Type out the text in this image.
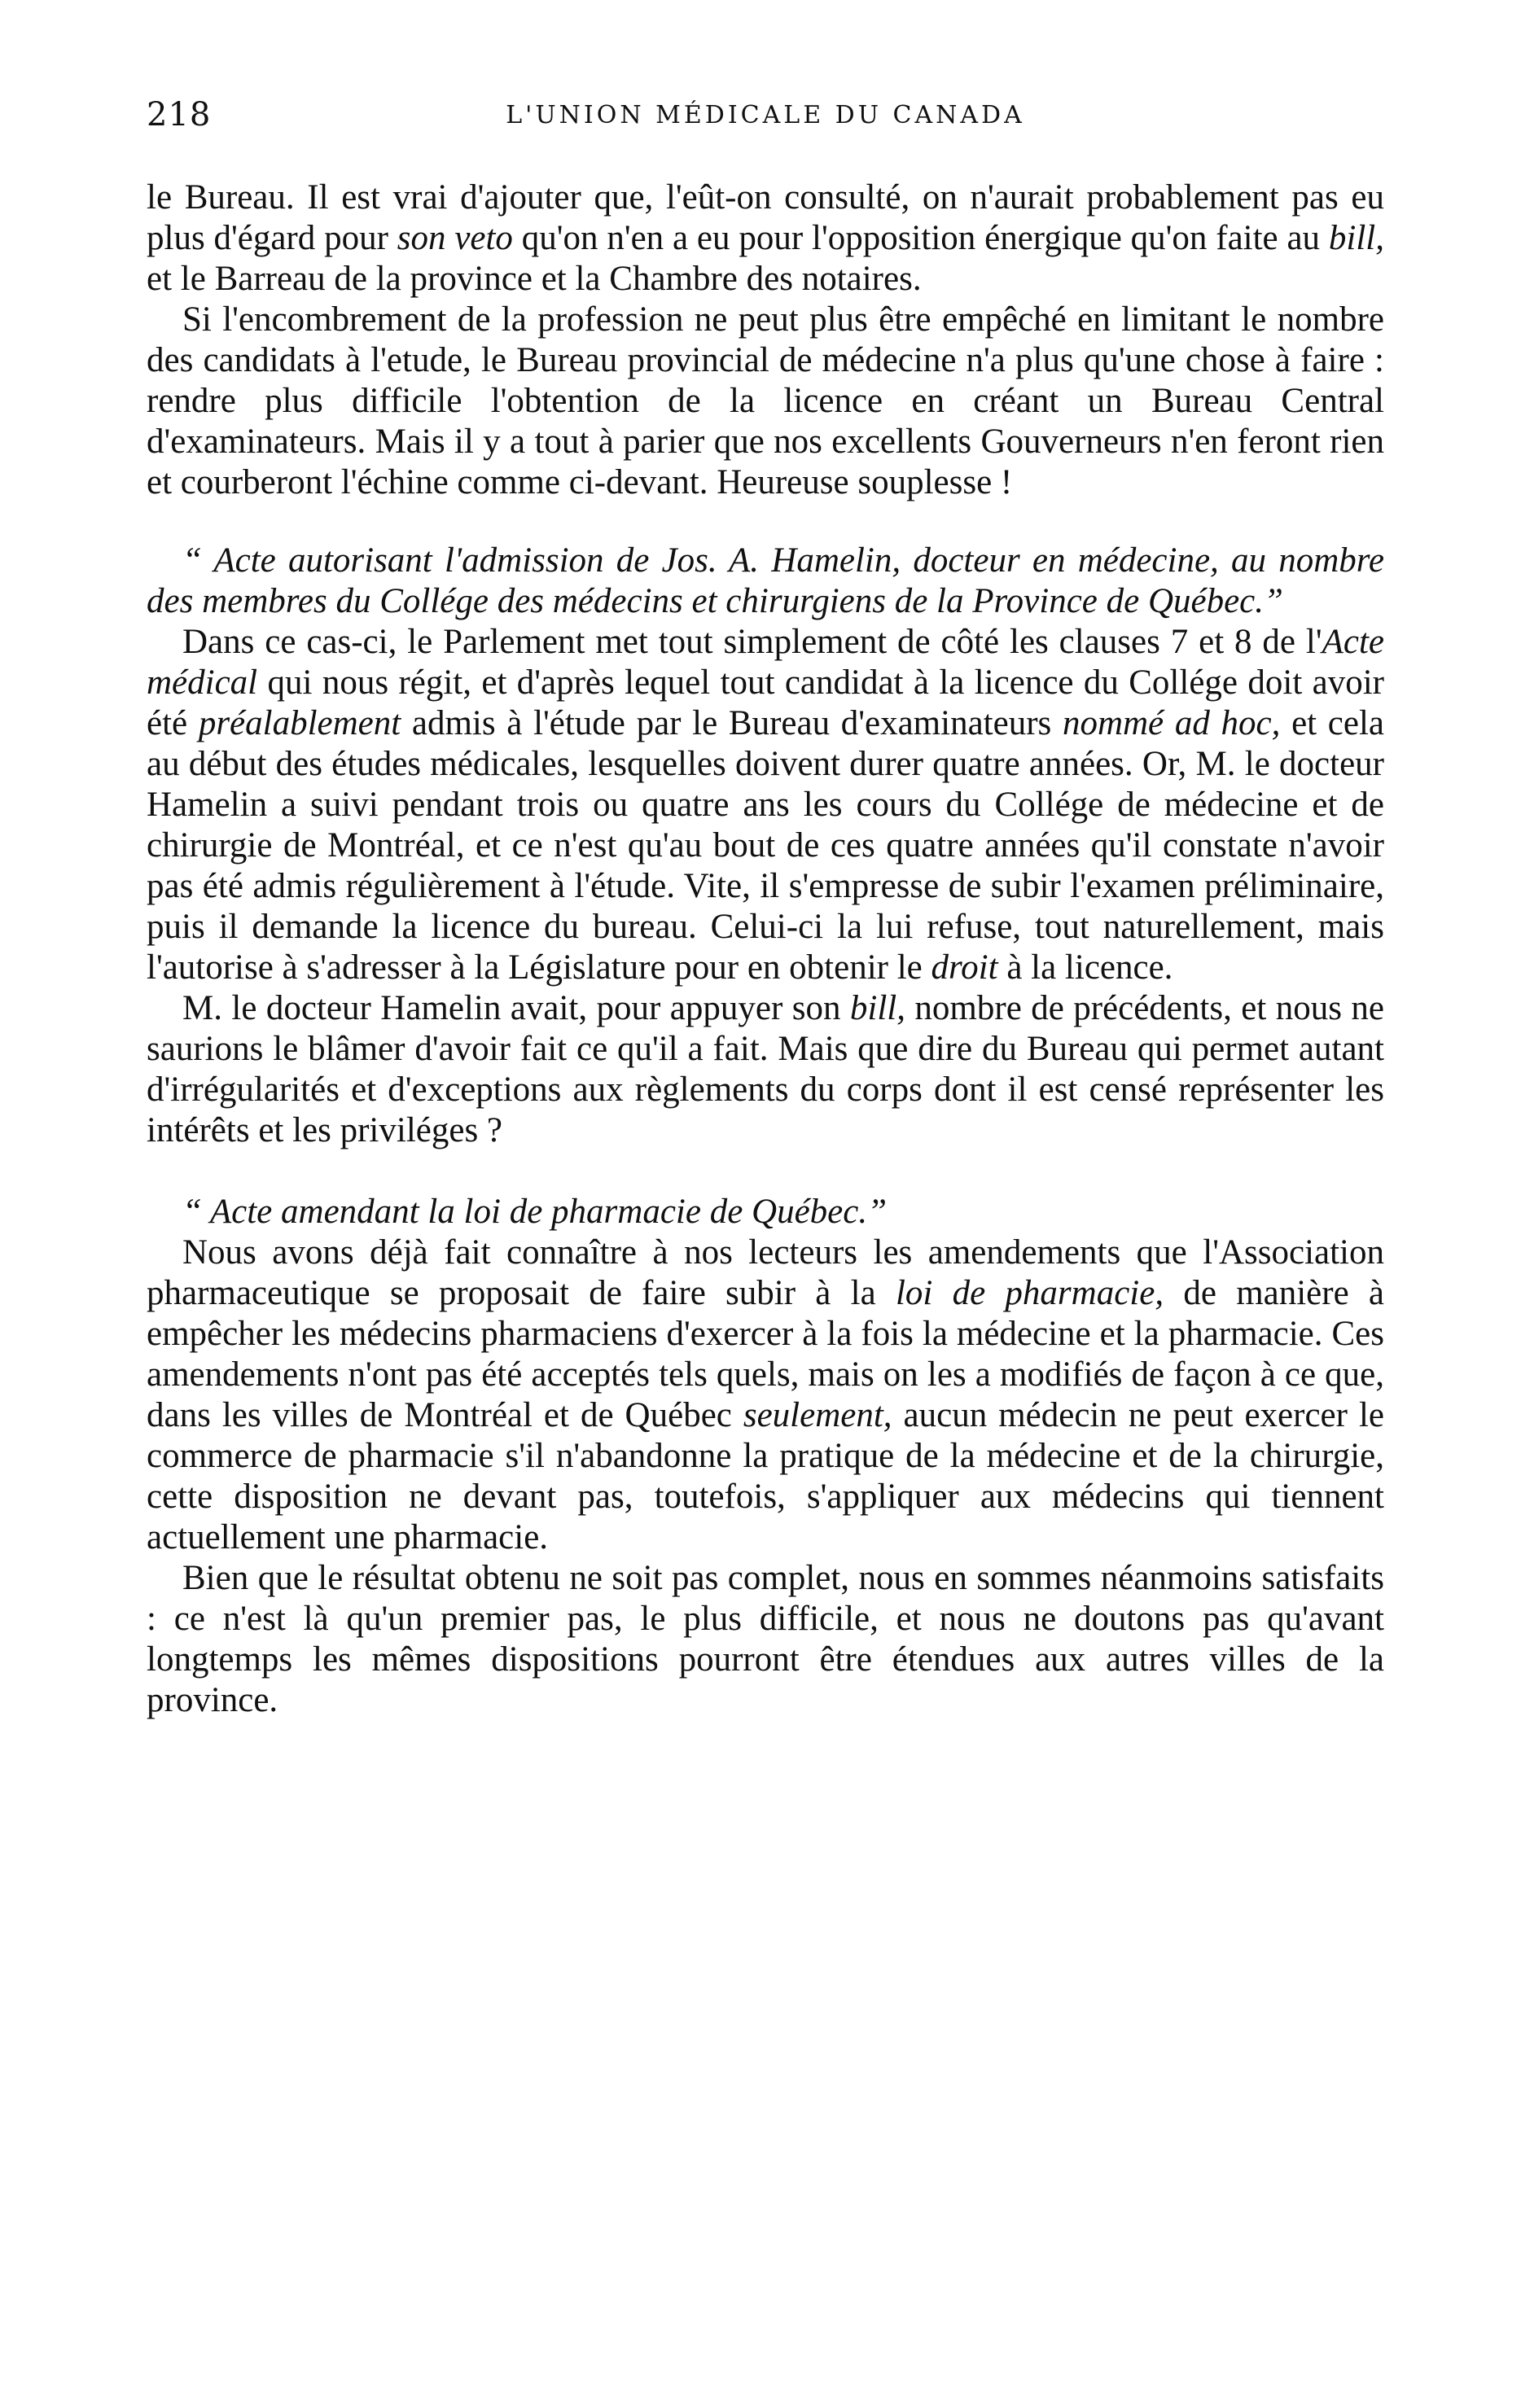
218	L'UNION MÉDICALE DU CANADA

le Bureau. Il est vrai d'ajouter que, l'eût-on consulté, on n'aurait probablement pas eu plus d'égard pour son veto qu'on n'en a eu pour l'opposition énergique qu'on faite au bill, et le Barreau de la province et la Chambre des notaires.

Si l'encombrement de la profession ne peut plus être empêché en limitant le nombre des candidats à l'etude, le Bureau provincial de médecine n'a plus qu'une chose à faire : rendre plus difficile l'obtention de la licence en créant un Bureau Central d'examinateurs. Mais il y a tout à parier que nos excellents Gouverneurs n'en feront rien et courberont l'échine comme ci-devant. Heureuse souplesse !

“ Acte autorisant l'admission de Jos. A. Hamelin, docteur en médecine, au nombre des membres du Collége des médecins et chirurgiens de la Province de Québec.”

Dans ce cas-ci, le Parlement met tout simplement de côté les clauses 7 et 8 de l'Acte médical qui nous régit, et d'après lequel tout candidat à la licence du Collége doit avoir été préalablement admis à l'étude par le Bureau d'examinateurs nommé ad hoc, et cela au début des études médicales, lesquelles doivent durer quatre années. Or, M. le docteur Hamelin a suivi pendant trois ou quatre ans les cours du Collége de médecine et de chirurgie de Montréal, et ce n'est qu'au bout de ces quatre années qu'il constate n'avoir pas été admis régulièrement à l'étude. Vite, il s'empresse de subir l'examen préliminaire, puis il demande la licence du bureau. Celui-ci la lui refuse, tout naturellement, mais l'autorise à s'adresser à la Législature pour en obtenir le droit à la licence.

M. le docteur Hamelin avait, pour appuyer son bill, nombre de précédents, et nous ne saurions le blâmer d'avoir fait ce qu'il a fait. Mais que dire du Bureau qui permet autant d'irrégularités et d'exceptions aux règlements du corps dont il est censé représenter les intérêts et les priviléges ?

“ Acte amendant la loi de pharmacie de Québec.”

Nous avons déjà fait connaître à nos lecteurs les amendements que l'Association pharmaceutique se proposait de faire subir à la loi de pharmacie, de manière à empêcher les médecins pharmaciens d'exercer à la fois la médecine et la pharmacie. Ces amendements n'ont pas été acceptés tels quels, mais on les a modifiés de façon à ce que, dans les villes de Montréal et de Québec seulement, aucun médecin ne peut exercer le commerce de pharmacie s'il n'abandonne la pratique de la médecine et de la chirurgie, cette disposition ne devant pas, toutefois, s'appliquer aux médecins qui tiennent actuellement une pharmacie.

Bien que le résultat obtenu ne soit pas complet, nous en sommes néanmoins satisfaits : ce n'est là qu'un premier pas, le plus difficile, et nous ne doutons pas qu'avant longtemps les mêmes dispositions pourront être étendues aux autres villes de la province.
